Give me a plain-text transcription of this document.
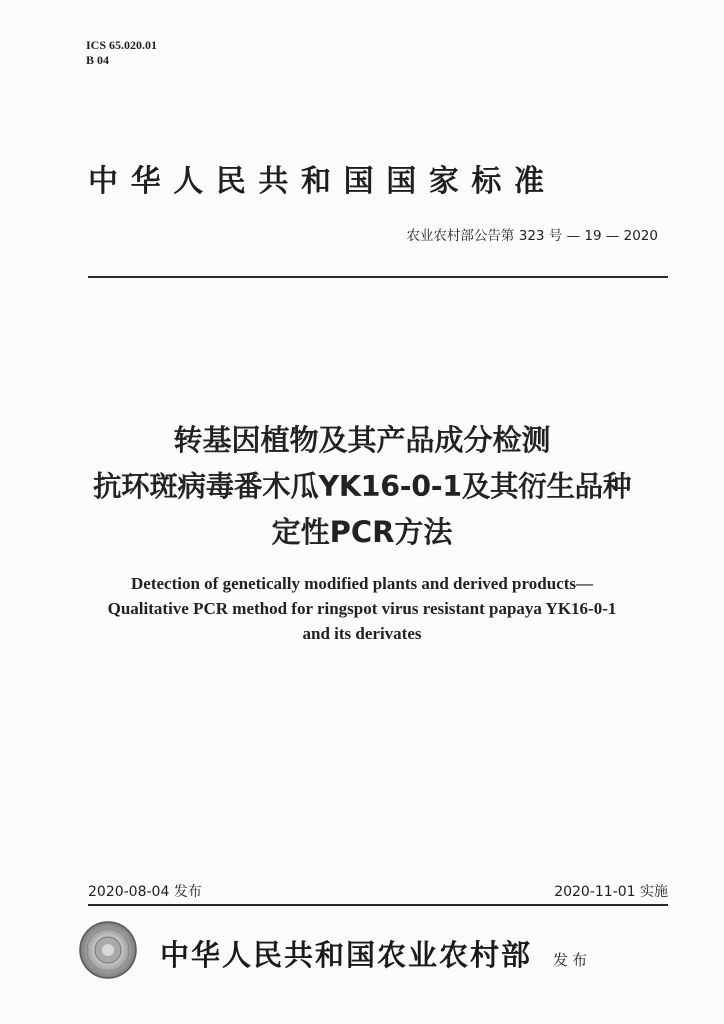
ICS 65.020.01
B 04
中华人民共和国国家标准
农业农村部公告第 323 号 — 19 — 2020
转基因植物及其产品成分检测
抗环斑病毒番木瓜YK16-0-1及其衍生品种
定性PCR方法
Detection of genetically modified plants and derived products—
Qualitative PCR method for ringspot virus resistant papaya YK16-0-1
and its derivates
2020-08-04 发布	2020-11-01 实施
中华人民共和国农业农村部 发布
